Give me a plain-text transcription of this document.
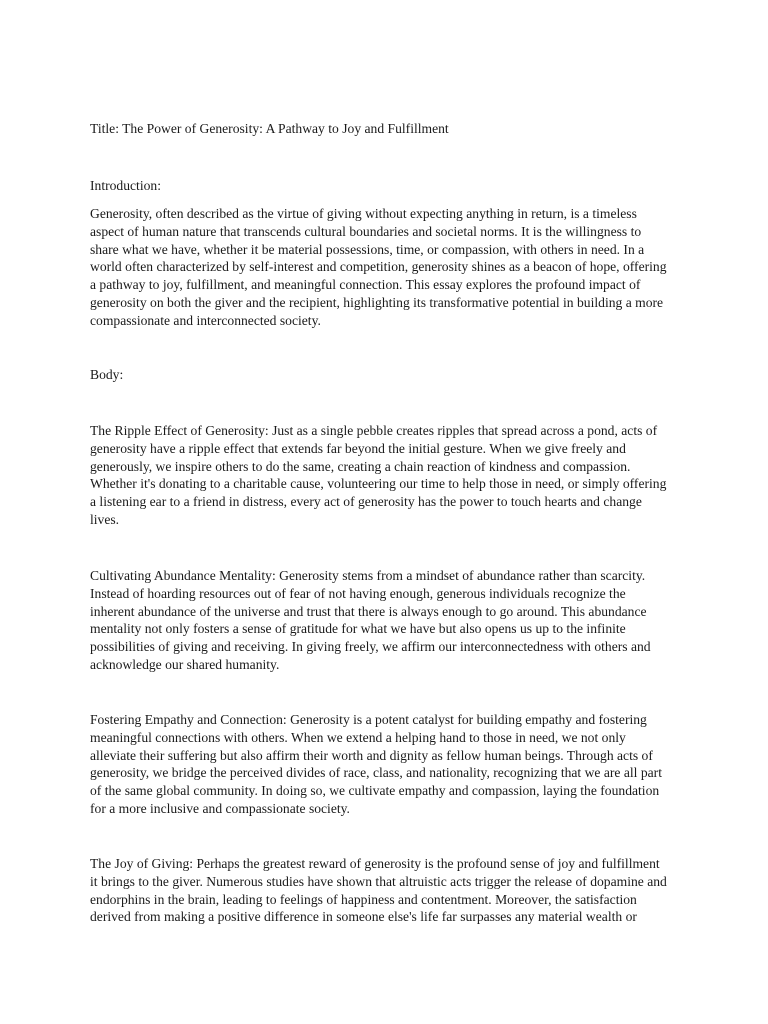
Title: The Power of Generosity: A Pathway to Joy and Fulfillment

Introduction:

Generosity, often described as the virtue of giving without expecting anything in return, is a timeless
aspect of human nature that transcends cultural boundaries and societal norms. It is the willingness to
share what we have, whether it be material possessions, time, or compassion, with others in need. In a
world often characterized by self-interest and competition, generosity shines as a beacon of hope, offering
a pathway to joy, fulfillment, and meaningful connection. This essay explores the profound impact of
generosity on both the giver and the recipient, highlighting its transformative potential in building a more
compassionate and interconnected society.

Body:

The Ripple Effect of Generosity: Just as a single pebble creates ripples that spread across a pond, acts of
generosity have a ripple effect that extends far beyond the initial gesture. When we give freely and
generously, we inspire others to do the same, creating a chain reaction of kindness and compassion.
Whether it's donating to a charitable cause, volunteering our time to help those in need, or simply offering
a listening ear to a friend in distress, every act of generosity has the power to touch hearts and change
lives.

Cultivating Abundance Mentality: Generosity stems from a mindset of abundance rather than scarcity.
Instead of hoarding resources out of fear of not having enough, generous individuals recognize the
inherent abundance of the universe and trust that there is always enough to go around. This abundance
mentality not only fosters a sense of gratitude for what we have but also opens us up to the infinite
possibilities of giving and receiving. In giving freely, we affirm our interconnectedness with others and
acknowledge our shared humanity.

Fostering Empathy and Connection: Generosity is a potent catalyst for building empathy and fostering
meaningful connections with others. When we extend a helping hand to those in need, we not only
alleviate their suffering but also affirm their worth and dignity as fellow human beings. Through acts of
generosity, we bridge the perceived divides of race, class, and nationality, recognizing that we are all part
of the same global community. In doing so, we cultivate empathy and compassion, laying the foundation
for a more inclusive and compassionate society.

The Joy of Giving: Perhaps the greatest reward of generosity is the profound sense of joy and fulfillment
it brings to the giver. Numerous studies have shown that altruistic acts trigger the release of dopamine and
endorphins in the brain, leading to feelings of happiness and contentment. Moreover, the satisfaction
derived from making a positive difference in someone else's life far surpasses any material wealth or
